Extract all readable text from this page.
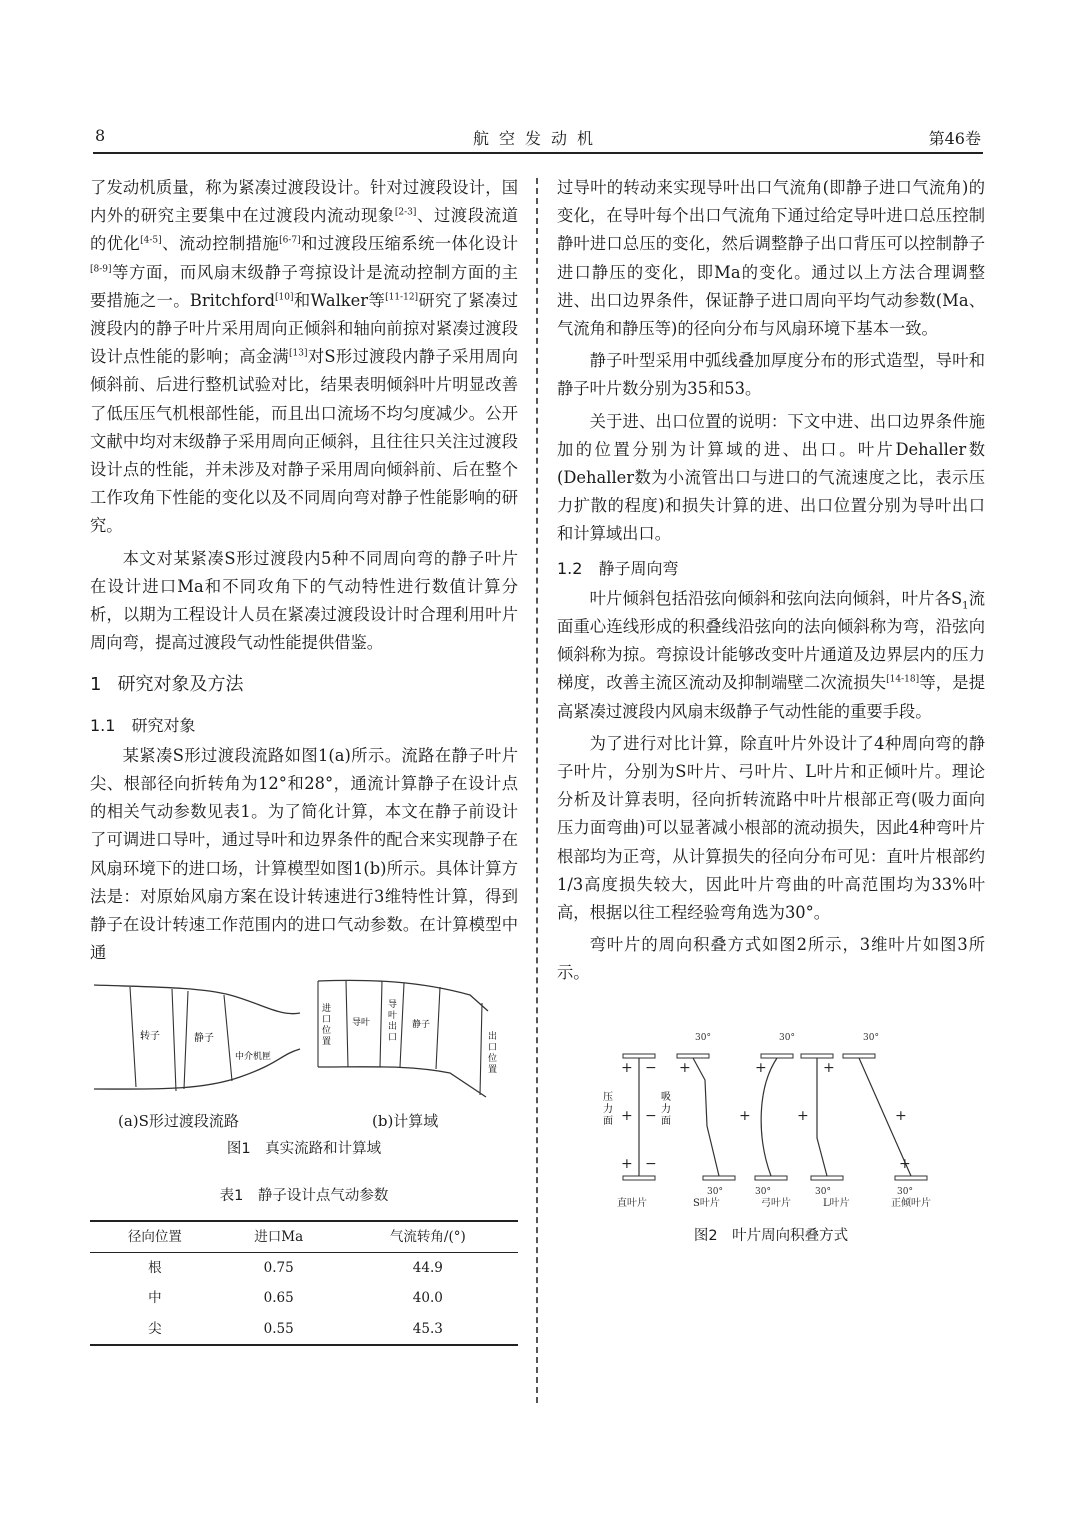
8	航空发动机	第46卷

了发动机质量，称为紧凑过渡段设计。针对过渡段设计，国内外的研究主要集中在过渡段内流动现象[2-3]、过渡段流道的优化[4-5]、流动控制措施[6-7]和过渡段压缩系统一体化设计[8-9]等方面，而风扇末级静子弯掠设计是流动控制方面的主要措施之一。Britchford[10]和Walker等[11-12]研究了紧凑过渡段内的静子叶片采用周向正倾斜和轴向前掠对紧凑过渡段设计点性能的影响；高金满[13]对S形过渡段内静子采用周向倾斜前、后进行整机试验对比，结果表明倾斜叶片明显改善了低压压气机根部性能，而且出口流场不均匀度减少。公开文献中均对末级静子采用周向正倾斜，且往往只关注过渡段设计点的性能，并未涉及对静子采用周向倾斜前、后在整个工作攻角下性能的变化以及不同周向弯对静子性能影响的研究。

本文对某紧凑S形过渡段内5种不同周向弯的静子叶片在设计进口Ma和不同攻角下的气动特性进行数值计算分析，以期为工程设计人员在紧凑过渡段设计时合理利用叶片周向弯，提高过渡段气动性能提供借鉴。

1 研究对象及方法
1.1 研究对象

某紧凑S形过渡段流路如图1(a)所示。流路在静子叶片尖、根部径向折转角为12°和28°，通流计算静子在设计点的相关气动参数见表1。为了简化计算，本文在静子前设计了可调进口导叶，通过导叶和边界条件的配合来实现静子在风扇环境下的进口场，计算模型如图1(b)所示。具体计算方法是：对原始风扇方案在设计转速进行3维特性计算，得到静子在设计转速工作范围内的进口气动参数。在计算模型中通

转子	静子
中介机匣
进 口 位 置
导叶
导 叶 出 口
静子
出 口 位 置
(a)S形过渡段流路	(b)计算域
图1　真实流路和计算域
表1　静子设计点气动参数
径向位置	进口Ma	气流转角/(°)
根	0.75	44.9
中	0.65	40.0
尖	0.55	45.3

过导叶的转动来实现导叶出口气流角(即静子进口气流角)的变化，在导叶每个出口气流角下通过给定导叶进口总压控制静叶进口总压的变化，然后调整静子出口背压可以控制静子进口静压的变化，即Ma的变化。通过以上方法合理调整进、出口边界条件，保证静子进口周向平均气动参数(Ma、气流角和静压等)的径向分布与风扇环境下基本一致。

静子叶型采用中弧线叠加厚度分布的形式造型，导叶和静子叶片数分别为35和53。

关于进、出口位置的说明：下文中进、出口边界条件施加的位置分别为计算域的进、出口。叶片Dehaller数(Dehaller数为小流管出口与进口的气流速度之比，表示压力扩散的程度)和损失计算的进、出口位置分别为导叶出口和计算域出口。

1.2 静子周向弯

叶片倾斜包括沿弦向倾斜和弦向法向倾斜，叶片各$S_1$流面重心连线形成的积叠线沿弦向的法向倾斜称为弯，沿弦向倾斜称为掠。弯掠设计能够改变叶片通道及边界层内的压力梯度，改善主流区流动及抑制端壁二次流损失[14-18]等，是提高紧凑过渡段内风扇末级静子气动性能的重要手段。

为了进行对比计算，除直叶片外设计了4种周向弯的静子叶片，分别为S叶片、弓叶片、L叶片和正倾叶片。理论分析及计算表明，径向折转流路中叶片根部正弯(吸力面向压力面弯曲)可以显著减小根部的流动损失，因此4种弯叶片根部均为正弯，从计算损失的径向分布可见：直叶片根部约1/3高度损失较大，因此叶片弯曲的叶高范围均为33%叶高，根据以往工程经验弯角选为30°。

弯叶片的周向积叠方式如图2所示，3维叶片如图3所示。

30°	30°	30°
30°	30°	30°	30°
压 力 面
吸 力 面
+ −
+ −
+ −
+
+
+
+
+
+
+
直叶片	S叶片	弓叶片	L叶片	正倾叶片
图2　叶片周向积叠方式
